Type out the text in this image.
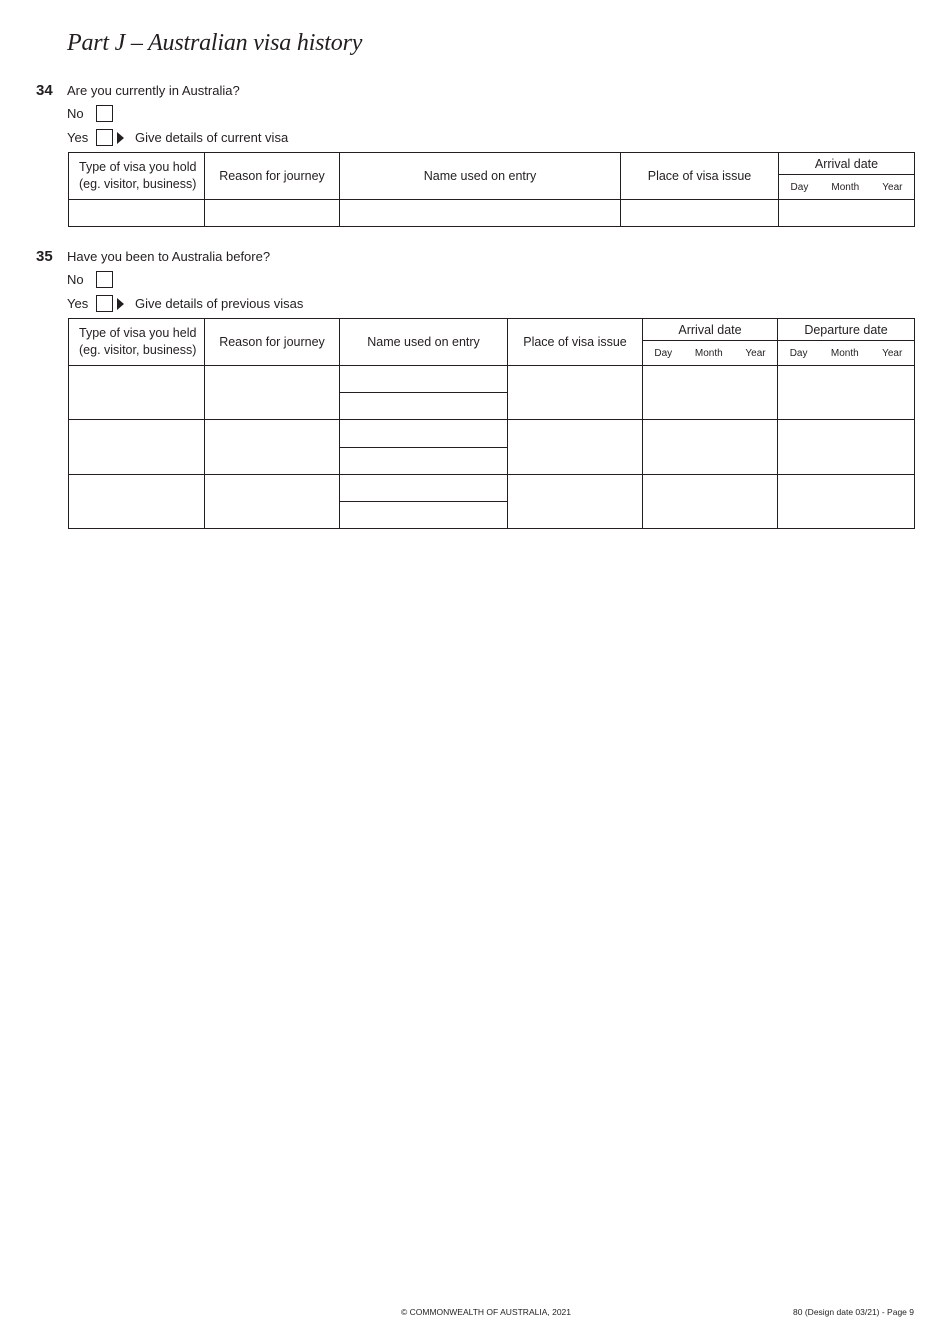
Part J – Australian visa history
34 Are you currently in Australia?
No
Yes	Give details of current visa
Type of visa you hold
(eg. visitor, business)	Reason for journey	Name used on entry	Place of visa issue	Arrival date

				Day Month Year

35 Have you been to Australia before?
No
Yes	Give details of previous visas
Type of visa you held
(eg. visitor, business)	Reason for journey	Name used on entry	Place of visa issue	Arrival date	Departure date

				Day Month Year	Day Month Year

© COMMONWEALTH OF AUSTRALIA, 2021	80 (Design date 03/21) - Page 9
